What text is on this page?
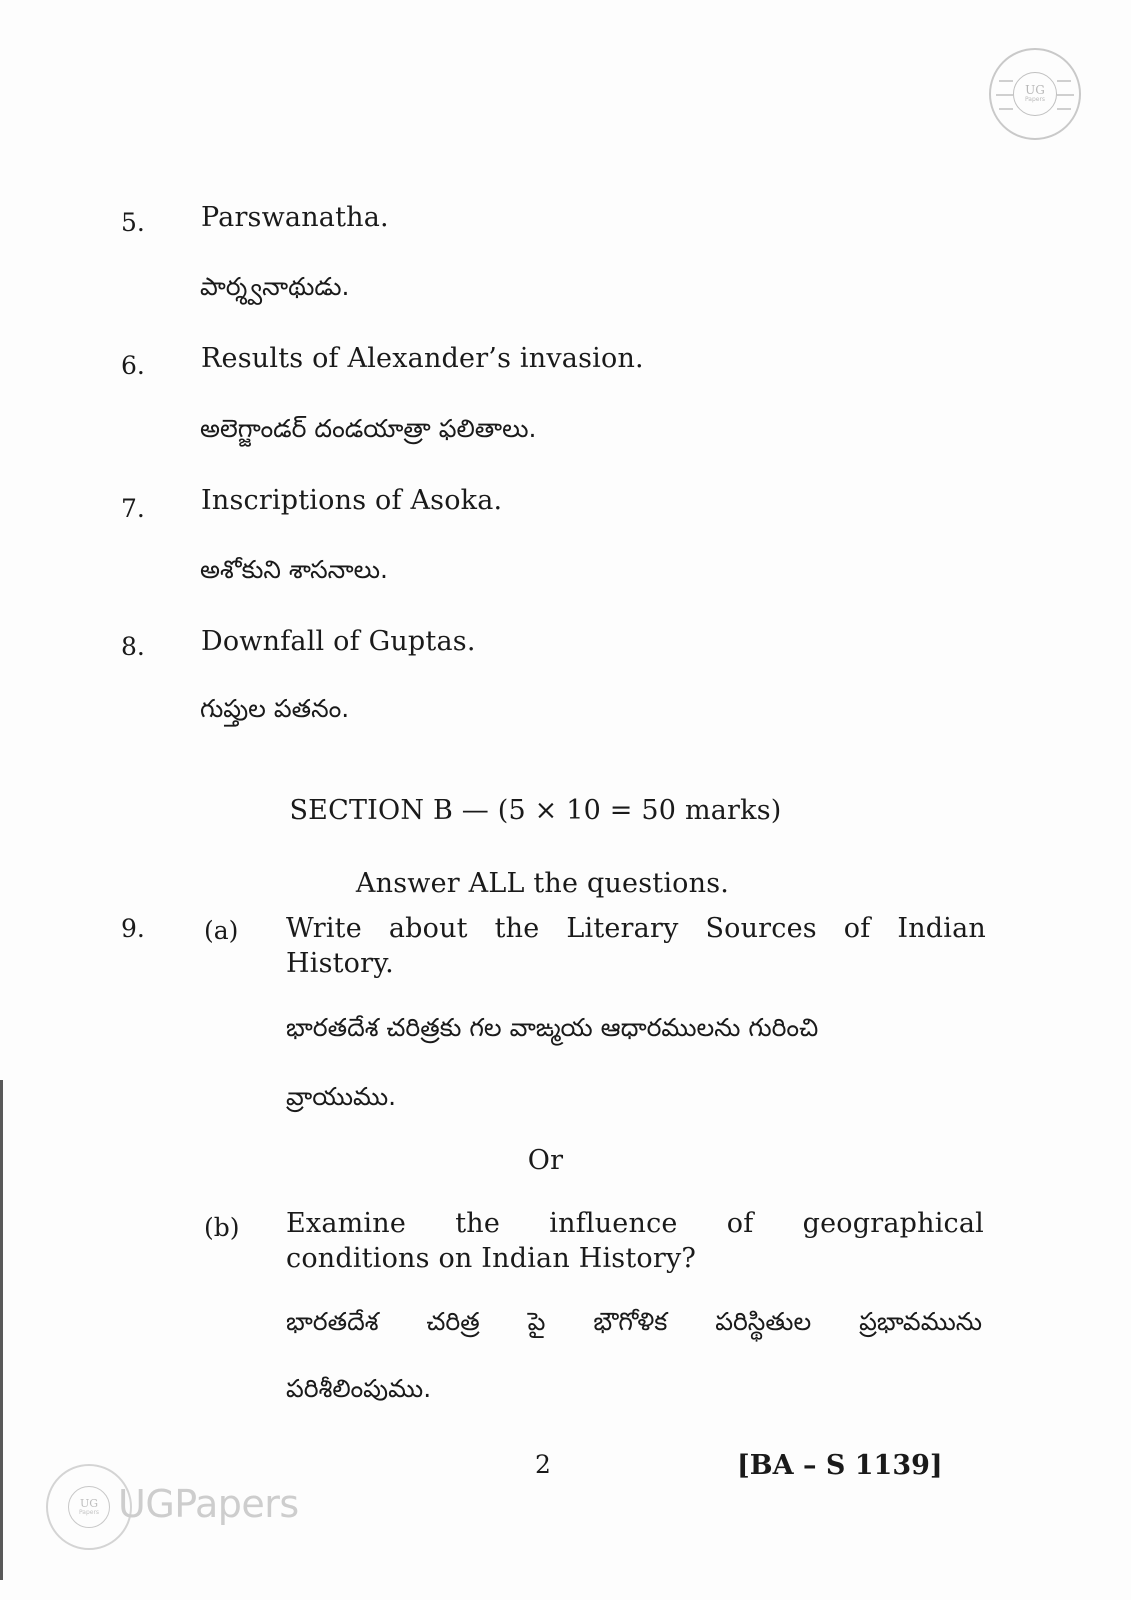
UG
Papers
5. Parswanatha.
పార్శ్వనాథుడు.
6. Results of Alexander’s invasion.
అలెగ్జాండర్ దండయాత్రా ఫలితాలు.
7. Inscriptions of Asoka.
అశోకుని శాసనాలు.
8. Downfall of Guptas.
గుప్తుల పతనం.
SECTION B — (5 × 10 = 50 marks)
Answer ALL the questions.
9. (a) Write about the Literary Sources of Indian
History.
భారతదేశ చరిత్రకు గల వాఙ్మయ ఆధారములను గురించి
వ్రాయుము.
Or
(b) Examine the influence of geographical
conditions on Indian History?
భారతదేశ చరిత్ర పై భౌగోళిక పరిస్థితుల ప్రభావమును
పరిశీలింపుము.
UG
Papers UGPapers
2	[BA – S 1139]
